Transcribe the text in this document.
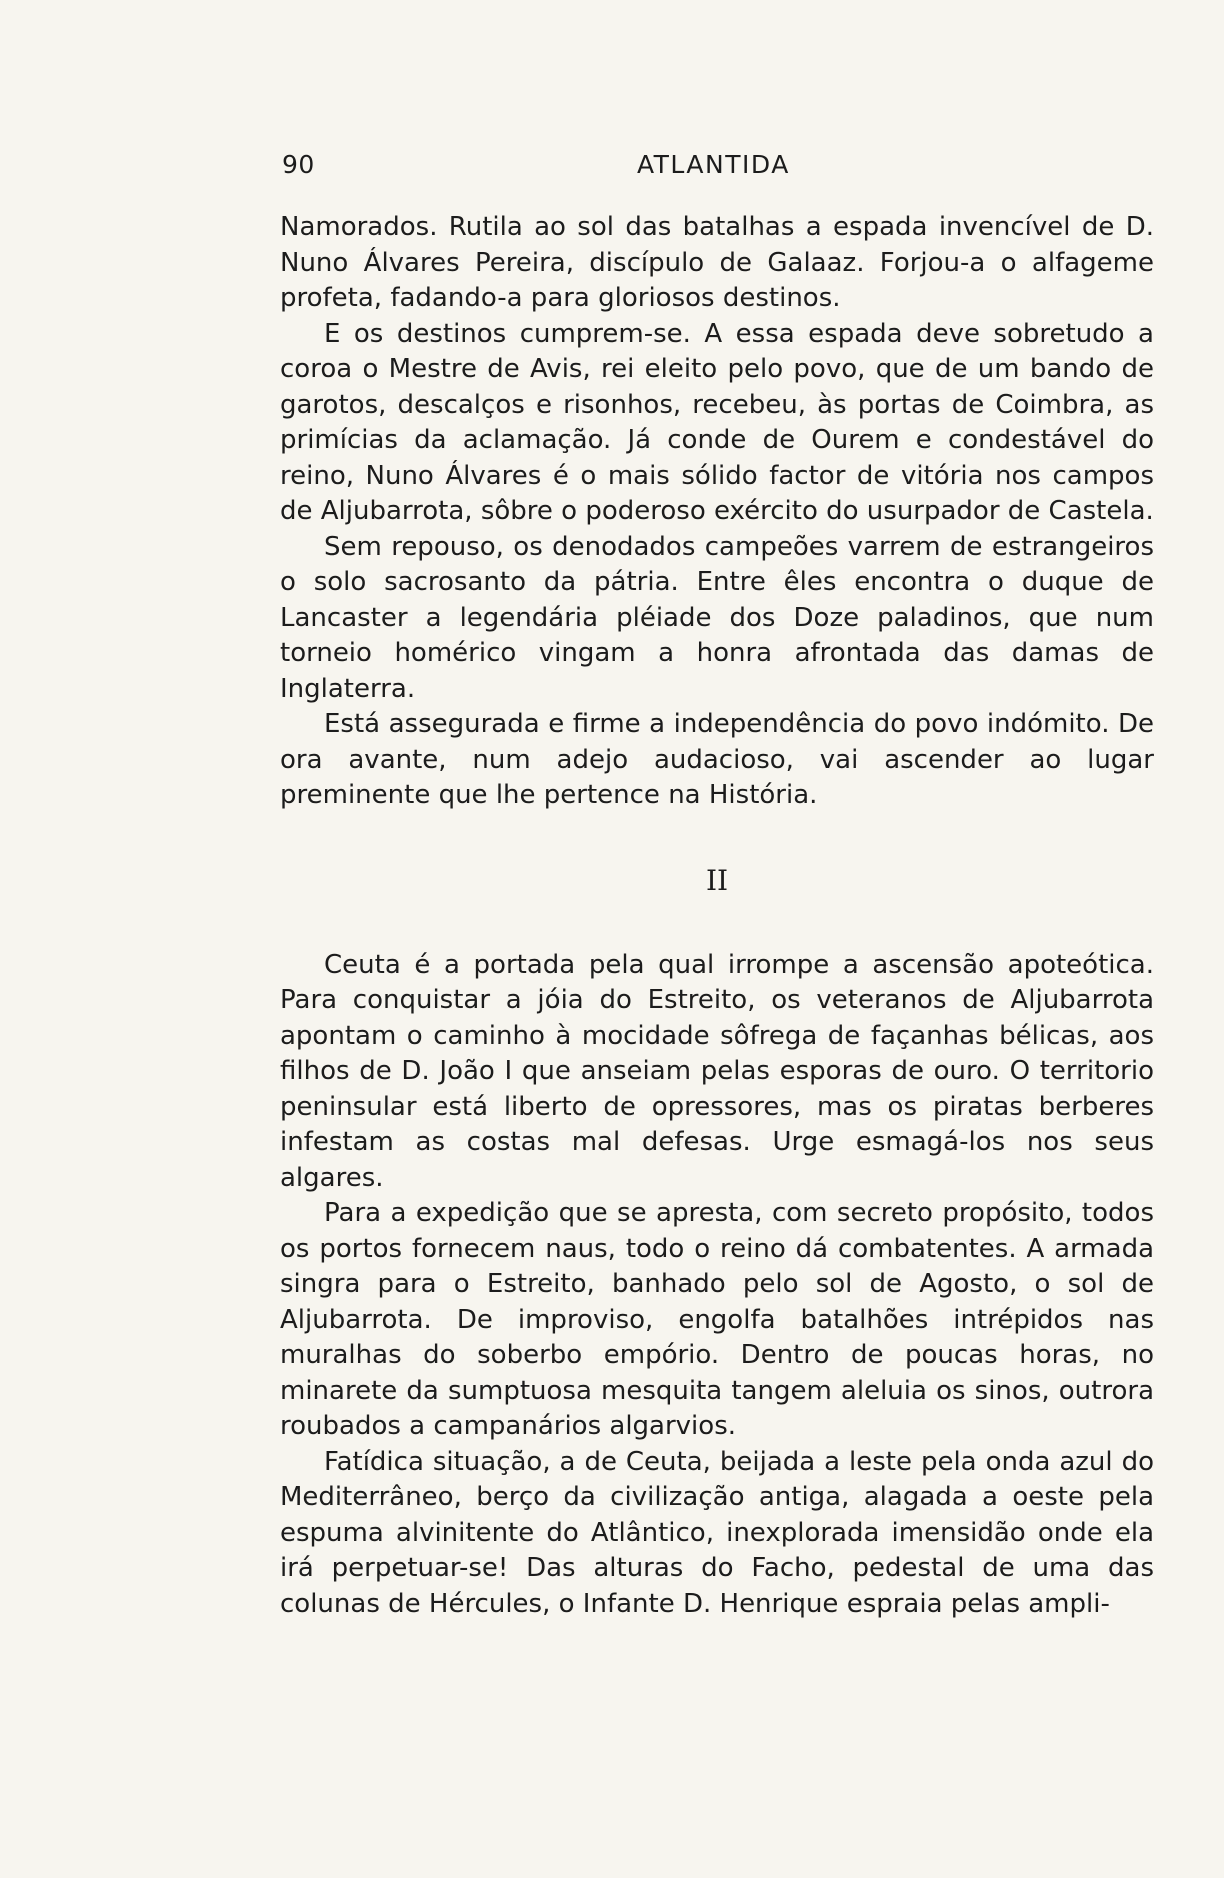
90	ATLANTIDA

Namorados. Rutila ao sol das batalhas a espada invencível de D. Nuno Álvares Pereira, discípulo de Galaaz. Forjou-a o alfageme profeta, fadando-a para gloriosos destinos.

E os destinos cumprem-se. A essa espada deve sobretudo a coroa o Mestre de Avis, rei eleito pelo povo, que de um bando de garotos, descalços e risonhos, recebeu, às portas de Coimbra, as primícias da aclamação. Já conde de Ourem e condestável do reino, Nuno Álvares é o mais sólido factor de vitória nos campos de Aljubarrota, sôbre o poderoso exército do usurpador de Castela.

Sem repouso, os denodados campeões varrem de estrangeiros o solo sacrosanto da pátria. Entre êles encontra o duque de Lancaster a legendária pléiade dos Doze paladinos, que num torneio homérico vingam a honra afrontada das damas de Inglaterra.

Está assegurada e firme a independência do povo indómito. De ora avante, num adejo audacioso, vai ascender ao lugar preminente que lhe pertence na História.

II

Ceuta é a portada pela qual irrompe a ascensão apoteótica. Para conquistar a jóia do Estreito, os veteranos de Aljubarrota apontam o caminho à mocidade sôfrega de façanhas bélicas, aos filhos de D. João I que anseiam pelas esporas de ouro. O territorio peninsular está liberto de opressores, mas os piratas berberes infestam as costas mal defesas. Urge esmagá-los nos seus algares.

Para a expedição que se apresta, com secreto propósito, todos os portos fornecem naus, todo o reino dá combatentes. A armada singra para o Estreito, banhado pelo sol de Agosto, o sol de Aljubarrota. De improviso, engolfa batalhões intrépidos nas muralhas do soberbo empório. Dentro de poucas horas, no minarete da sumptuosa mesquita tangem aleluia os sinos, outrora roubados a campanários algarvios.

Fatídica situação, a de Ceuta, beijada a leste pela onda azul do Mediterrâneo, berço da civilização antiga, alagada a oeste pela espuma alvinitente do Atlântico, inexplorada imensidão onde ela irá perpetuar-se! Das alturas do Facho, pedestal de uma das colunas de Hércules, o Infante D. Henrique espraia pelas ampli-
